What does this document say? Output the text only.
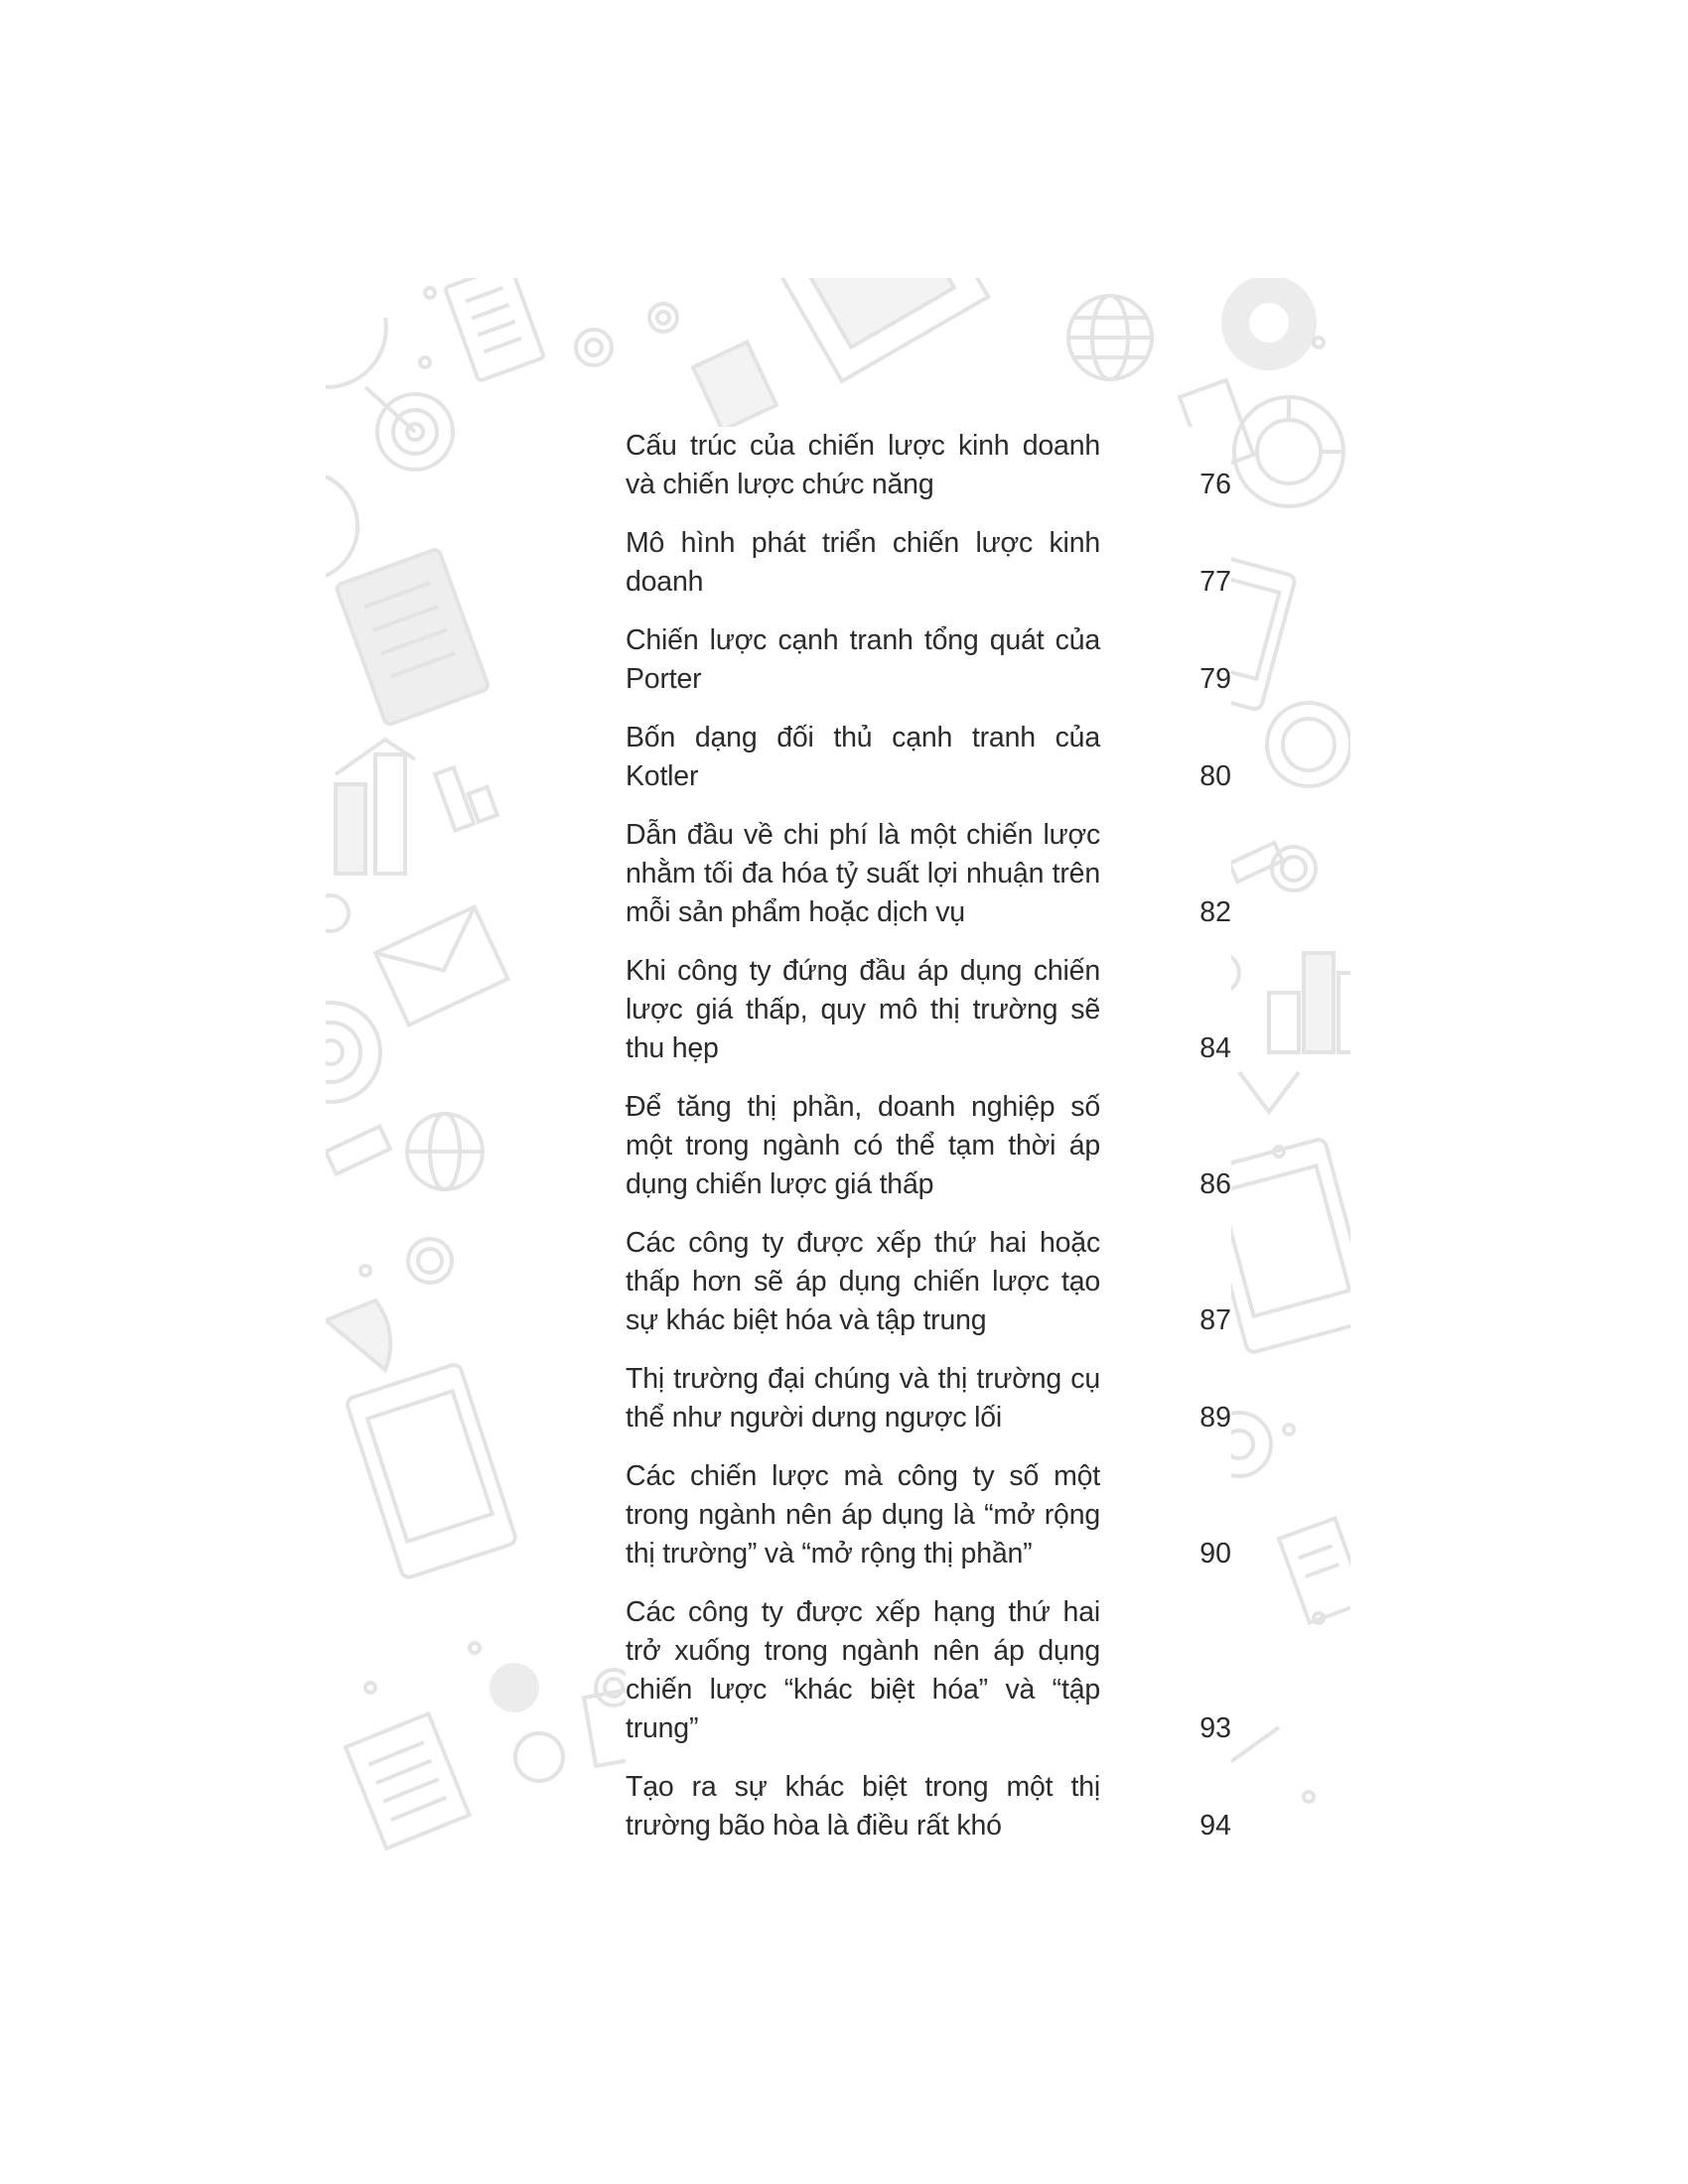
Cấu trúc của chiến lược kinh doanh và chiến lược chức năng	76
Mô hình phát triển chiến lược kinh doanh	77
Chiến lược cạnh tranh tổng quát của Porter	79
Bốn dạng đối thủ cạnh tranh của Kotler	80
Dẫn đầu về chi phí là một chiến lược nhằm tối đa hóa tỷ suất lợi nhuận trên mỗi sản phẩm hoặc dịch vụ	82
Khi công ty đứng đầu áp dụng chiến lược giá thấp, quy mô thị trường sẽ thu hẹp	84
Để tăng thị phần, doanh nghiệp số một trong ngành có thể tạm thời áp dụng chiến lược giá thấp	86
Các công ty được xếp thứ hai hoặc thấp hơn sẽ áp dụng chiến lược tạo sự khác biệt hóa và tập trung	87
Thị trường đại chúng và thị trường cụ thể như người dưng ngược lối	89
Các chiến lược mà công ty số một trong ngành nên áp dụng là “mở rộng thị trường” và “mở rộng thị phần”	90
Các công ty được xếp hạng thứ hai trở xuống trong ngành nên áp dụng chiến lược “khác biệt hóa” và “tập trung”	93
Tạo ra sự khác biệt trong một thị trường bão hòa là điều rất khó	94
